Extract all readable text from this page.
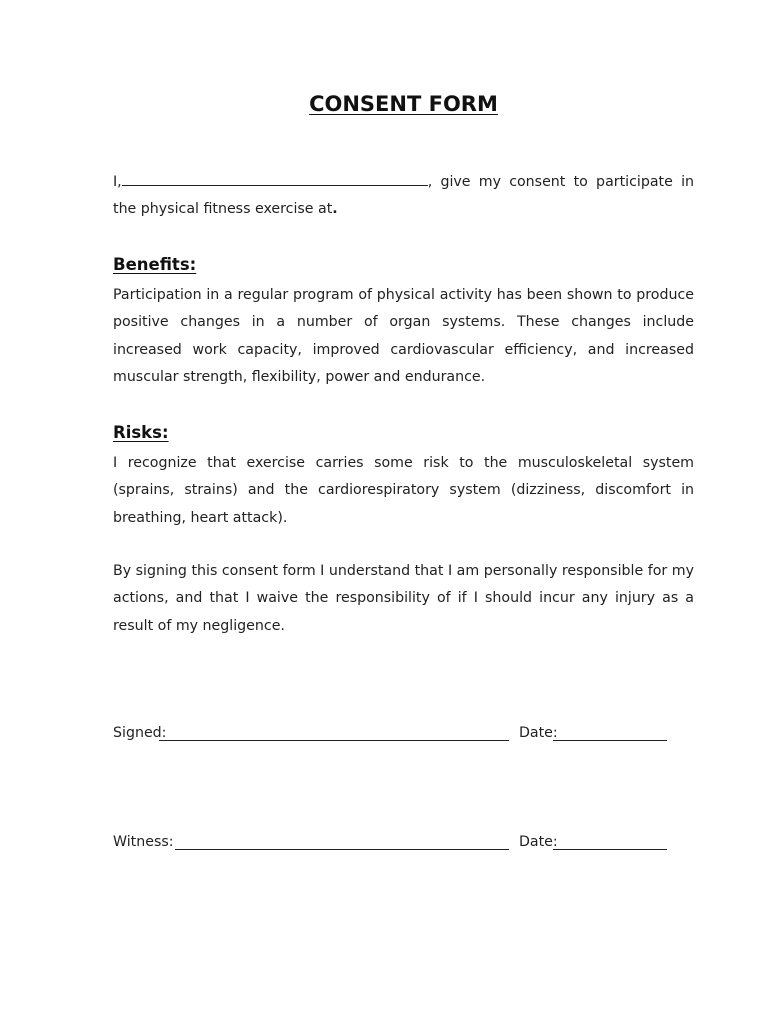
CONSENT FORM

I,	, give my consent to participate in the physical fitness exercise at.

Benefits:

Participation in a regular program of physical activity has been shown to produce positive changes in a number of organ systems. These changes include increased work capacity, improved cardiovascular efficiency, and increased muscular strength, flexibility, power and endurance.

Risks:

I recognize that exercise carries some risk to the musculoskeletal system (sprains, strains) and the cardiorespiratory system (dizziness, discomfort in breathing, heart attack).

By signing this consent form I understand that I am personally responsible for my actions, and that I waive the responsibility of if I should incur any injury as a result of my negligence.

Signed:	Date:
Witness:	Date:
